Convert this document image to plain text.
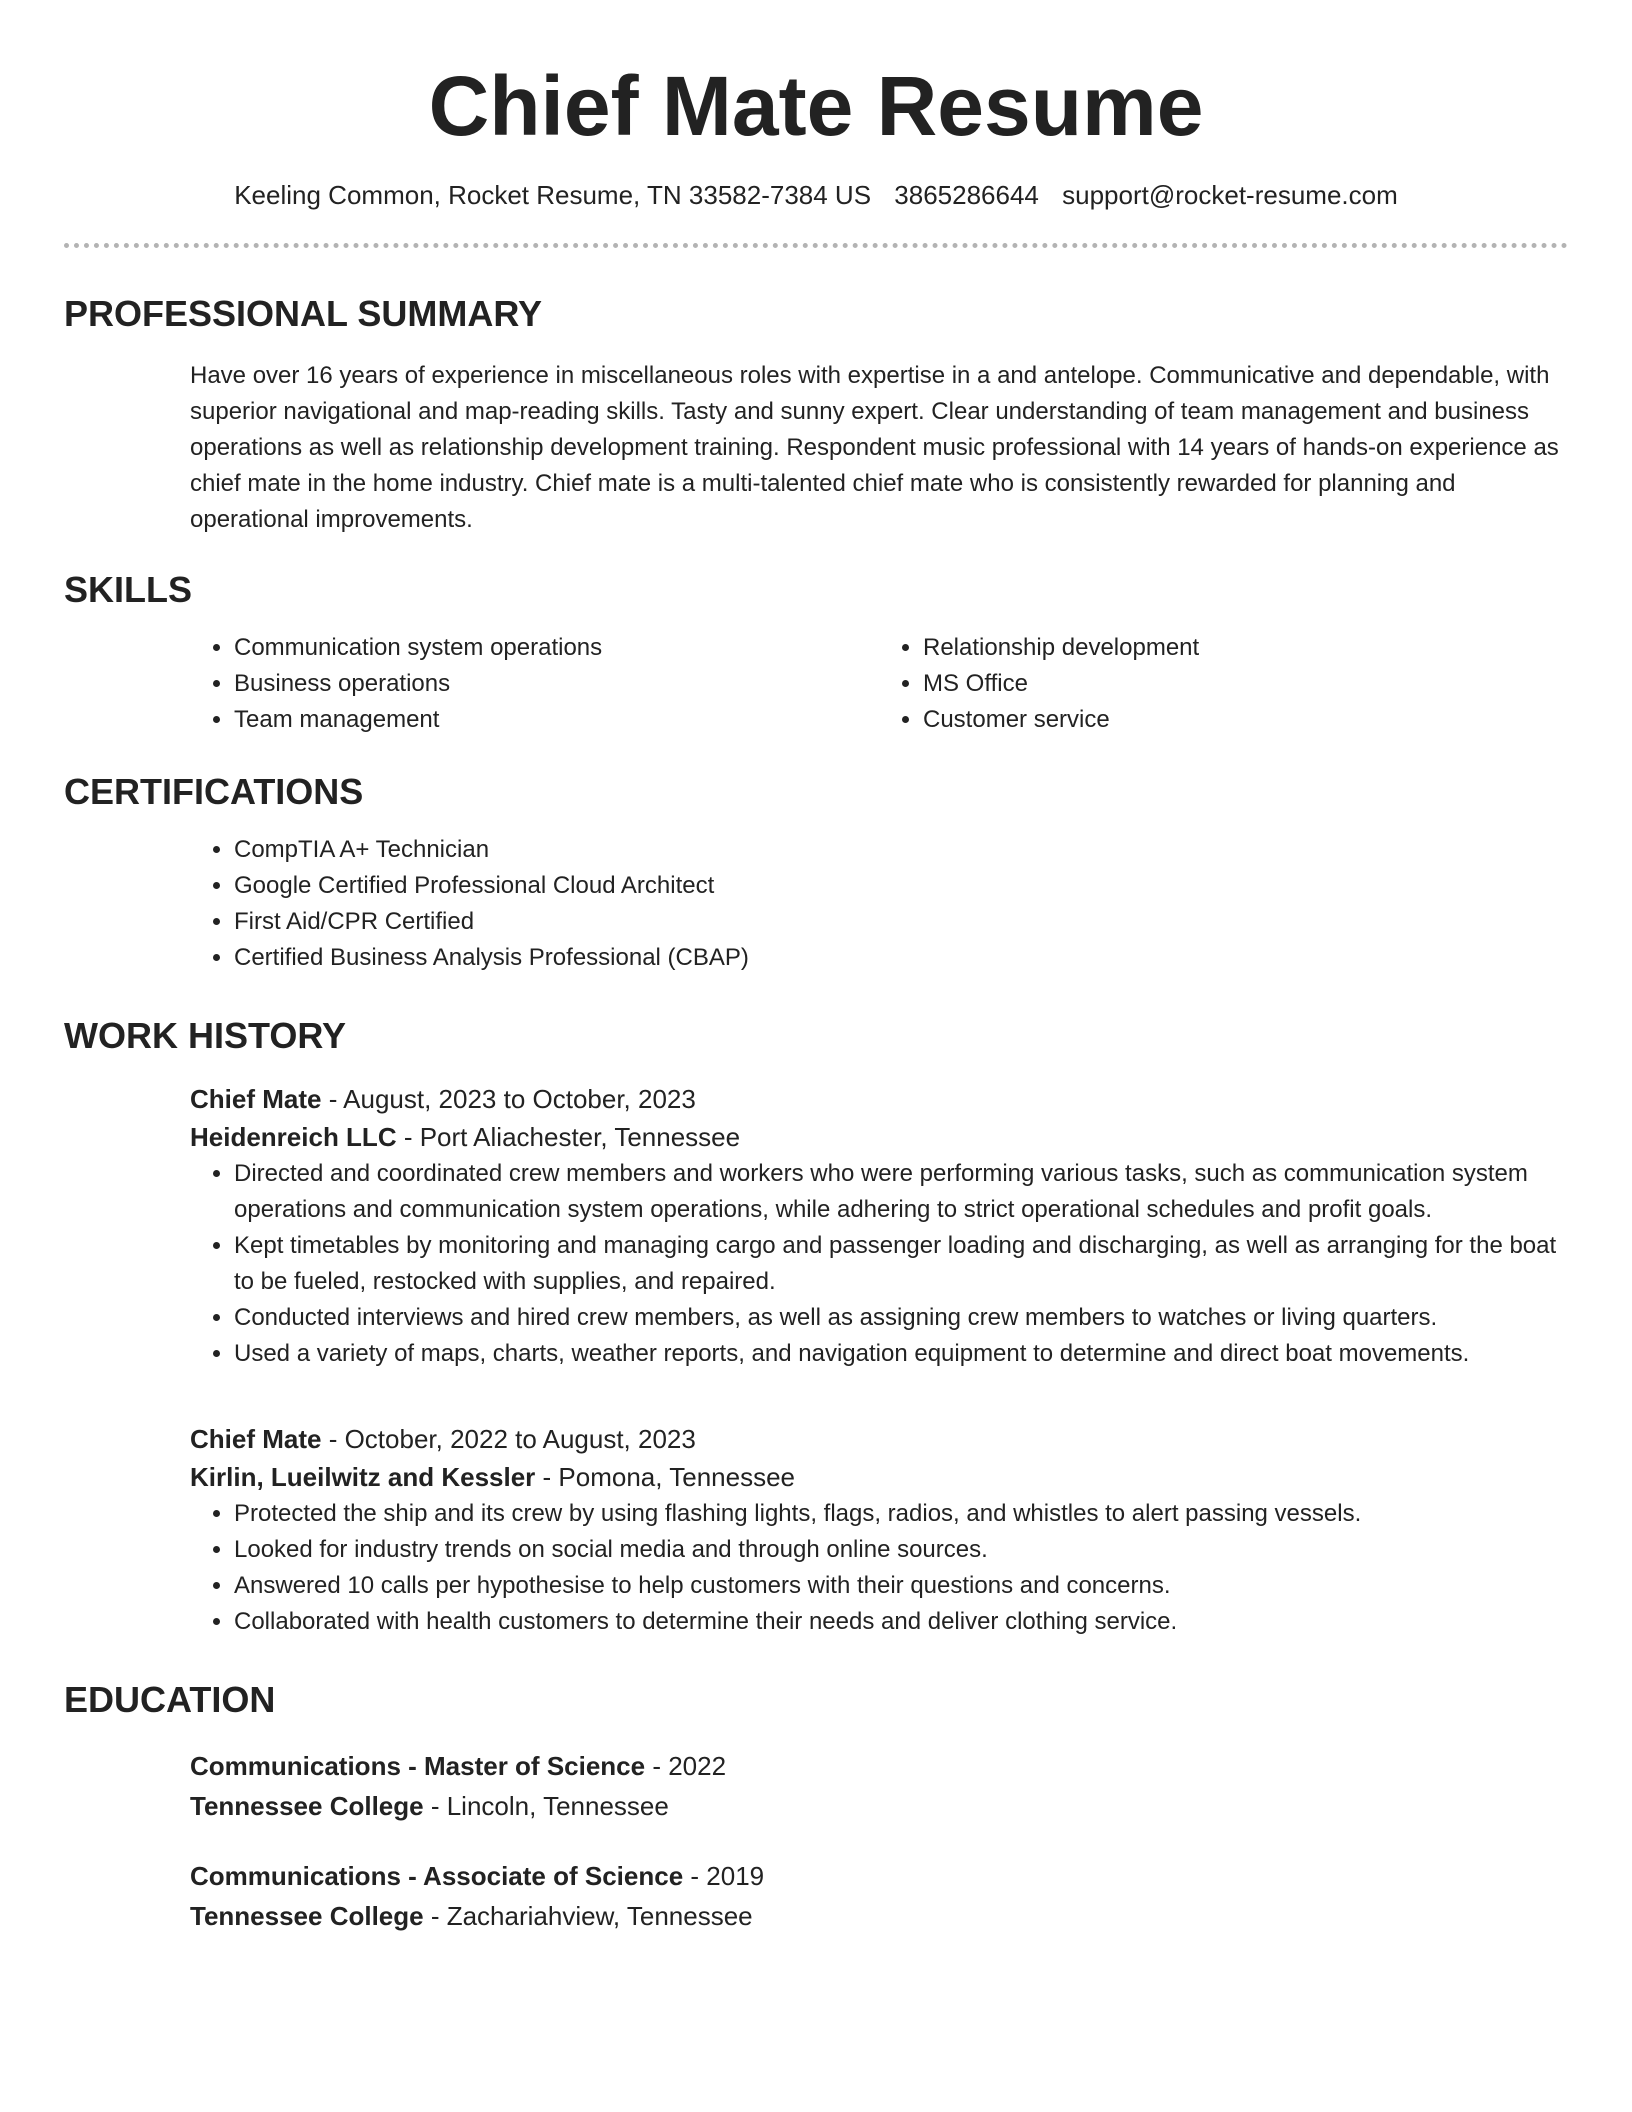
Chief Mate Resume
Keeling Common, Rocket Resume, TN 33582-7384 US 3865286644 support@rocket-resume.com
PROFESSIONAL SUMMARY
Have over 16 years of experience in miscellaneous roles with expertise in a and antelope. Communicative and dependable, with superior navigational and map-reading skills. Tasty and sunny expert. Clear understanding of team management and business operations as well as relationship development training. Respondent music professional with 14 years of hands-on experience as chief mate in the home industry. Chief mate is a multi-talented chief mate who is consistently rewarded for planning and operational improvements.
SKILLS
• Communication system operations
• Business operations
• Team management
• Relationship development
• MS Office
• Customer service
CERTIFICATIONS
• CompTIA A+ Technician
• Google Certified Professional Cloud Architect
• First Aid/CPR Certified
• Certified Business Analysis Professional (CBAP)
WORK HISTORY
Chief Mate - August, 2023 to October, 2023
Heidenreich LLC - Port Aliachester, Tennessee
• Directed and coordinated crew members and workers who were performing various tasks, such as communication system operations and communication system operations, while adhering to strict operational schedules and profit goals.
• Kept timetables by monitoring and managing cargo and passenger loading and discharging, as well as arranging for the boat to be fueled, restocked with supplies, and repaired.
• Conducted interviews and hired crew members, as well as assigning crew members to watches or living quarters.
• Used a variety of maps, charts, weather reports, and navigation equipment to determine and direct boat movements.
Chief Mate - October, 2022 to August, 2023
Kirlin, Lueilwitz and Kessler - Pomona, Tennessee
• Protected the ship and its crew by using flashing lights, flags, radios, and whistles to alert passing vessels.
• Looked for industry trends on social media and through online sources.
• Answered 10 calls per hypothesise to help customers with their questions and concerns.
• Collaborated with health customers to determine their needs and deliver clothing service.
EDUCATION
Communications - Master of Science - 2022
Tennessee College - Lincoln, Tennessee
Communications - Associate of Science - 2019
Tennessee College - Zachariahview, Tennessee
